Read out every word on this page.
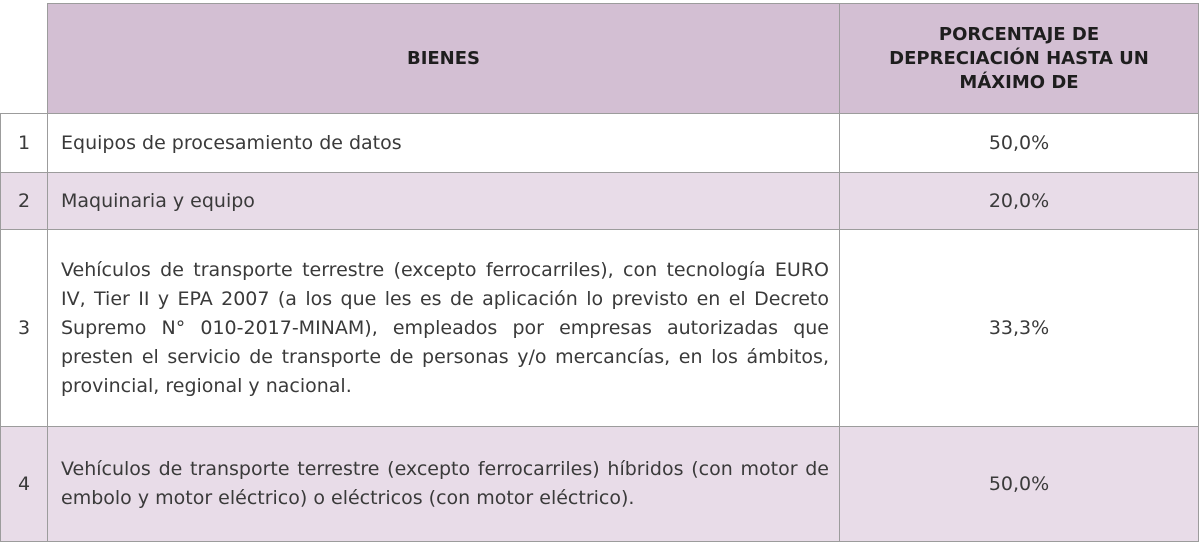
	BIENES	PORCENTAJE DE DEPRECIACIÓN HASTA UN MÁXIMO DE

1	Equipos de procesamiento de datos	50,0%
2	Maquinaria y equipo	20,0%
3	Vehículos de transporte terrestre (excepto ferrocarriles), con tecnología EURO IV, Tier II y EPA 2007 (a los que les es de aplicación lo previsto en el Decreto Supremo N° 010-2017-MINAM), empleados por empresas autorizadas que presten el servicio de transporte de personas y/o mercancías, en los ámbitos, provincial, regional y nacional.	33,3%
4	Vehículos de transporte terrestre (excepto ferrocarriles) híbridos (con motor de embolo y motor eléctrico) o eléctricos (con motor eléctrico).	50,0%
